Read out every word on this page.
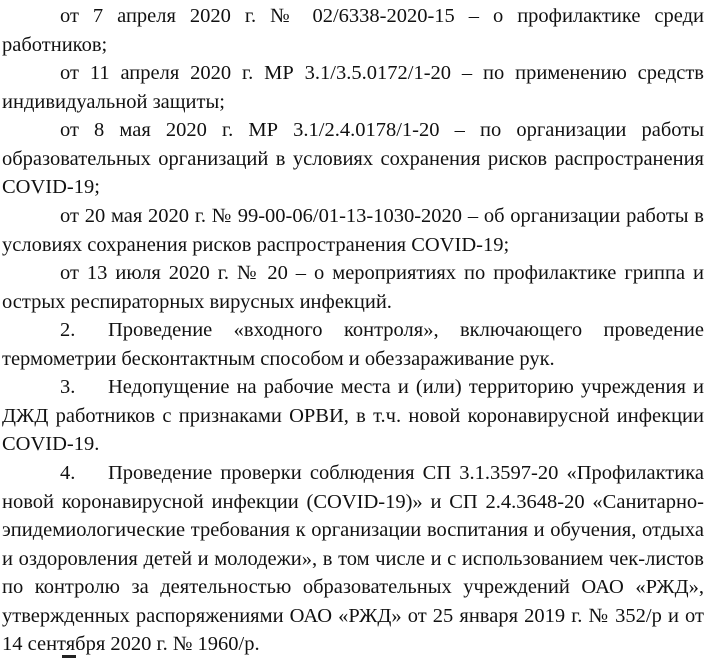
от 7 апреля 2020 г. № 02/6338-2020-15 – о профилактике среди работников;

от 11 апреля 2020 г. МР 3.1/3.5.0172/1-20 – по применению средств индивидуальной защиты;

от 8 мая 2020 г. МР 3.1/2.4.0178/1-20 – по организации работы образовательных организаций в условиях сохранения рисков распространения COVID-19;

от 20 мая 2020 г. № 99-00-06/01-13-1030-2020 – об организации работы в условиях сохранения рисков распространения COVID-19;

от 13 июля 2020 г. № 20 – о мероприятиях по профилактике гриппа и острых респираторных вирусных инфекций.

2. Проведение «входного контроля», включающего проведение термометрии бесконтактным способом и обеззараживание рук.

3. Недопущение на рабочие места и (или) территорию учреждения и ДЖД работников с признаками ОРВИ, в т.ч. новой коронавирусной инфекции COVID-19.

4. Проведение проверки соблюдения СП 3.1.3597-20 «Профилактика новой коронавирусной инфекции (COVID-19)» и СП 2.4.3648-20 «Санитарно-эпидемиологические требования к организации воспитания и обучения, отдыха и оздоровления детей и молодежи», в том числе и с использованием чек-листов по контролю за деятельностью образовательных учреждений ОАО «РЖД», утвержденных распоряжениями ОАО «РЖД» от 25 января 2019 г. № 352/р и от 14 сентября 2020 г. № 1960/р.
